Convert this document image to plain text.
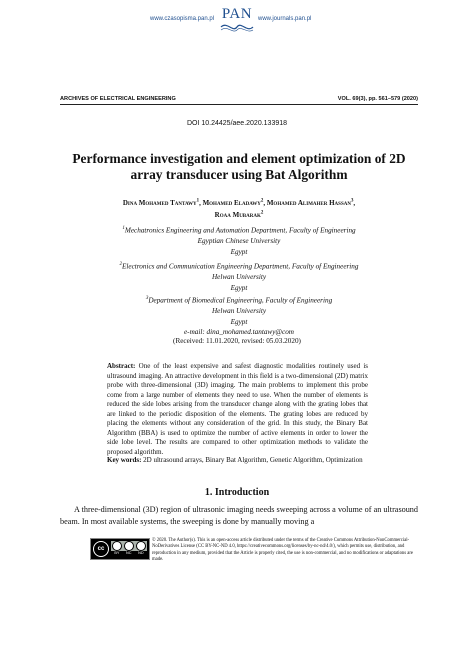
www.czasopisma.pan.pl PAN www.journals.pan.pl
ARCHIVES OF ELECTRICAL ENGINEERING	VOL. 69(3), pp. 561–579 (2020)
DOI 10.24425/aee.2020.133918
Performance investigation and element optimization of 2D array transducer using Bat Algorithm
Dina Mohamed Tantawy$^1$, Mohamed Eladawy$^2$, Mohamed Alimaher Hassan$^3$,
Roaa Mubarak$^2$
$^1$Mechatronics Engineering and Automation Department, Faculty of Engineering
Egyptian Chinese University
Egypt
$^2$Electronics and Communication Engineering Department, Faculty of Engineering
Helwan University
Egypt
$^3$Department of Biomedical Engineering, Faculty of Engineering
Helwan University
Egypt
e-mail: dina_mohamed.tantawy@com
(Received: 11.01.2020, revised: 05.03.2020)
Abstract: One of the least expensive and safest diagnostic modalities routinely used is ultrasound imaging. An attractive development in this field is a two-dimensional (2D) matrix probe with three-dimensional (3D) imaging. The main problems to implement this probe come from a large number of elements they need to use. When the number of elements is reduced the side lobes arising from the transducer change along with the grating lobes that are linked to the periodic disposition of the elements. The grating lobes are reduced by placing the elements without any consideration of the grid. In this study, the Binary Bat Algorithm (BBA) is used to optimize the number of active elements in order to lower the side lobe level. The results are compared to other optimization methods to validate the proposed algorithm.
Key words: 2D ultrasound arrays, Binary Bat Algorithm, Genetic Algorithm, Optimization
1. Introduction

A three-dimensional (3D) region of ultrasonic imaging needs sweeping across a volume of an ultrasound beam. In most available systems, the sweeping is done by manually moving a

cc
BY NC ND
© 2020. The Author(s). This is an open-access article distributed under the terms of the Creative Commons Attribution-NonCommercial-NoDerivatives License (CC BY-NC-ND 4.0, https://creativecommons.org/licenses/by-nc-nd/4.0/), which permits use, distribution, and reproduction in any medium, provided that the Article is properly cited, the use is non-commercial, and no modifications or adaptations are made.
